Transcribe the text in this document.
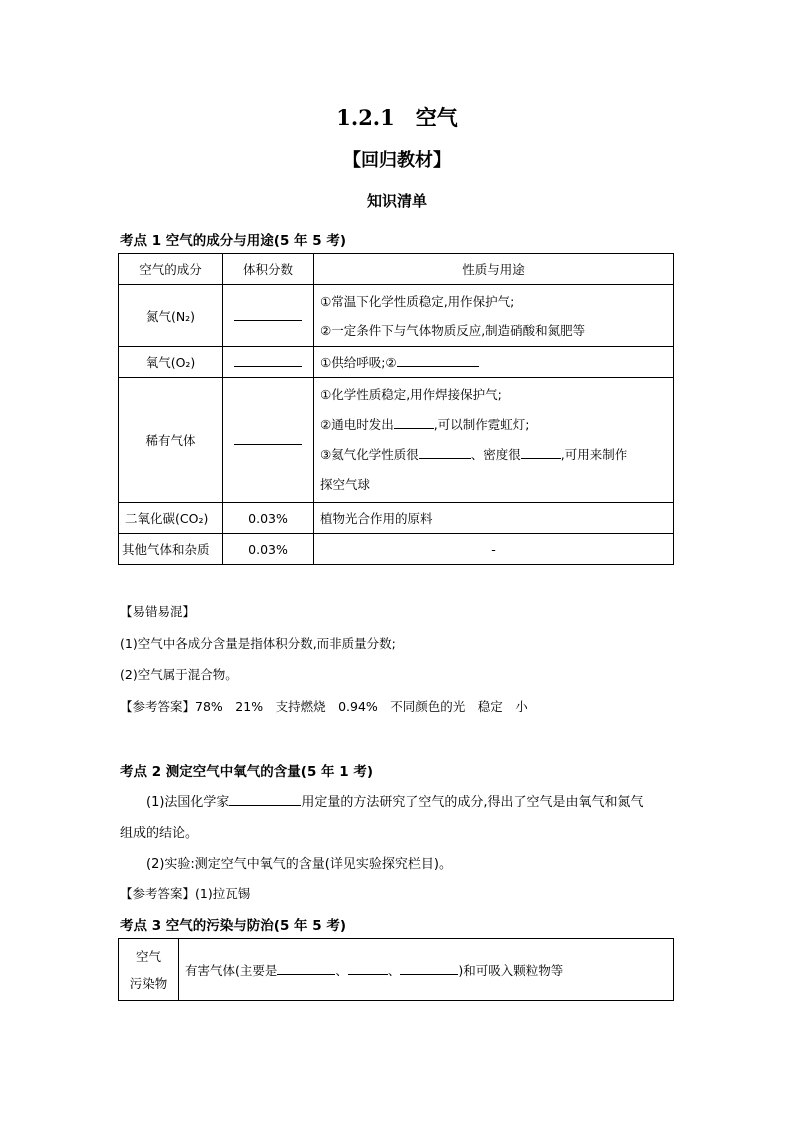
1.2.1　空气
【回归教材】
知识清单
考点 1 空气的成分与用途(5 年 5 考)
空气的成分	体积分数	性质与用途
氮气(N₂)		①常温下化学性质稳定,用作保护气;
②一定条件下与气体物质反应,制造硝酸和氮肥等

氧气(O₂)		①供给呼吸;②
稀有气体		①化学性质稳定,用作焊接保护气;
②通电时发出 ,可以制作霓虹灯;
③氦气化学性质很 、密度很 ,可用来制作
探空气球

二氧化碳(CO₂)	0.03%	植物光合作用的原料
其他气体和杂质	0.03%	-
【易错易混】
(1)空气中各成分含量是指体积分数,而非质量分数;
(2)空气属于混合物。
【参考答案】78%　21%　支持燃烧　0.94%　不同颜色的光　稳定　小
考点 2 测定空气中氧气的含量(5 年 1 考)
(1)法国化学家	用定量的方法研究了空气的成分,得出了空气是由氧气和氮气
组成的结论。
(2)实验:测定空气中氧气的含量(详见实验探究栏目)。
【参考答案】(1)拉瓦锡
考点 3 空气的污染与防治(5 年 5 考)
空气
污染物
	有害气体(主要是	、	、	)和可吸入颗粒物等
